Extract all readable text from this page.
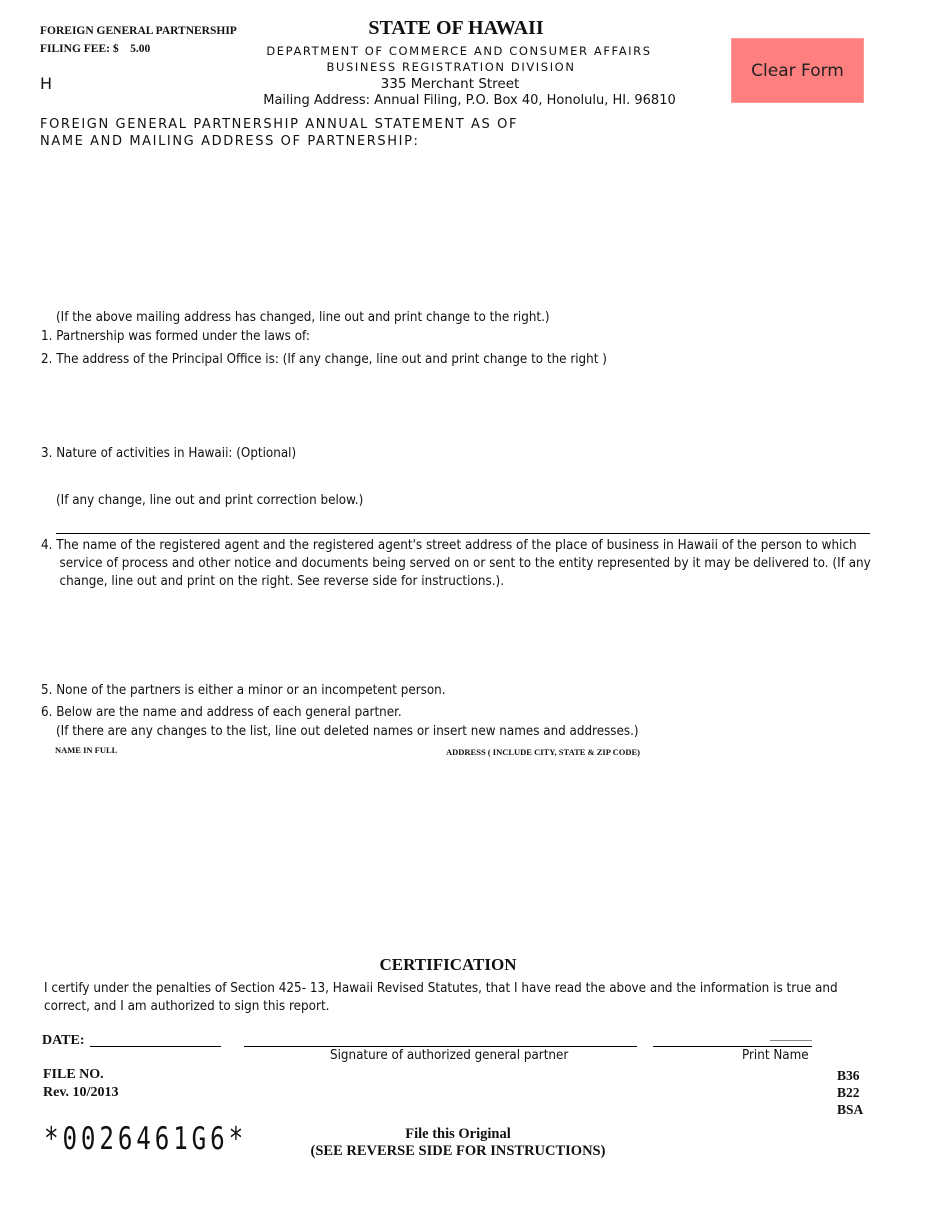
FOREIGN GENERAL PARTNERSHIP
FILING FEE: $    5.00
H
STATE OF HAWAII
DEPARTMENT OF COMMERCE AND CONSUMER AFFAIRS
BUSINESS REGISTRATION DIVISION
335 Merchant Street
Mailing Address: Annual Filing, P.O. Box 40, Honolulu, HI. 96810
Clear Form
FOREIGN GENERAL PARTNERSHIP ANNUAL STATEMENT AS OF
NAME AND MAILING ADDRESS OF PARTNERSHIP:
(If the above mailing address has changed, line out and print change to the right.)
1. Partnership was formed under the laws of:
2. The address of the Principal Office is: (If any change, line out and print change to the right )
3. Nature of activities in Hawaii: (Optional)
(If any change, line out and print correction below.)
4. The name of the registered agent and the registered agent's street address of the place of business in Hawaii of the person to which service of process and other notice and documents being served on or sent to the entity represented by it may be delivered to. (If any change, line out and print on the right. See reverse side for instructions.).
5. None of the partners is either a minor or an incompetent person.
6. Below are the name and address of each general partner.
(If there are any changes to the list, line out deleted names or insert new names and addresses.)
NAME IN FULL	ADDRESS ( INCLUDE CITY, STATE & ZIP CODE)
CERTIFICATION
I certify under the penalties of Section 425- 13, Hawaii Revised Statutes, that I have read the above and the information is true and correct, and I am authorized to sign this report.
DATE:
Signature of authorized general partner	Print Name
FILE NO.
Rev. 10/2013
B36
B22
BSA
*0026461G6*	File this Original
(SEE REVERSE SIDE FOR INSTRUCTIONS)
